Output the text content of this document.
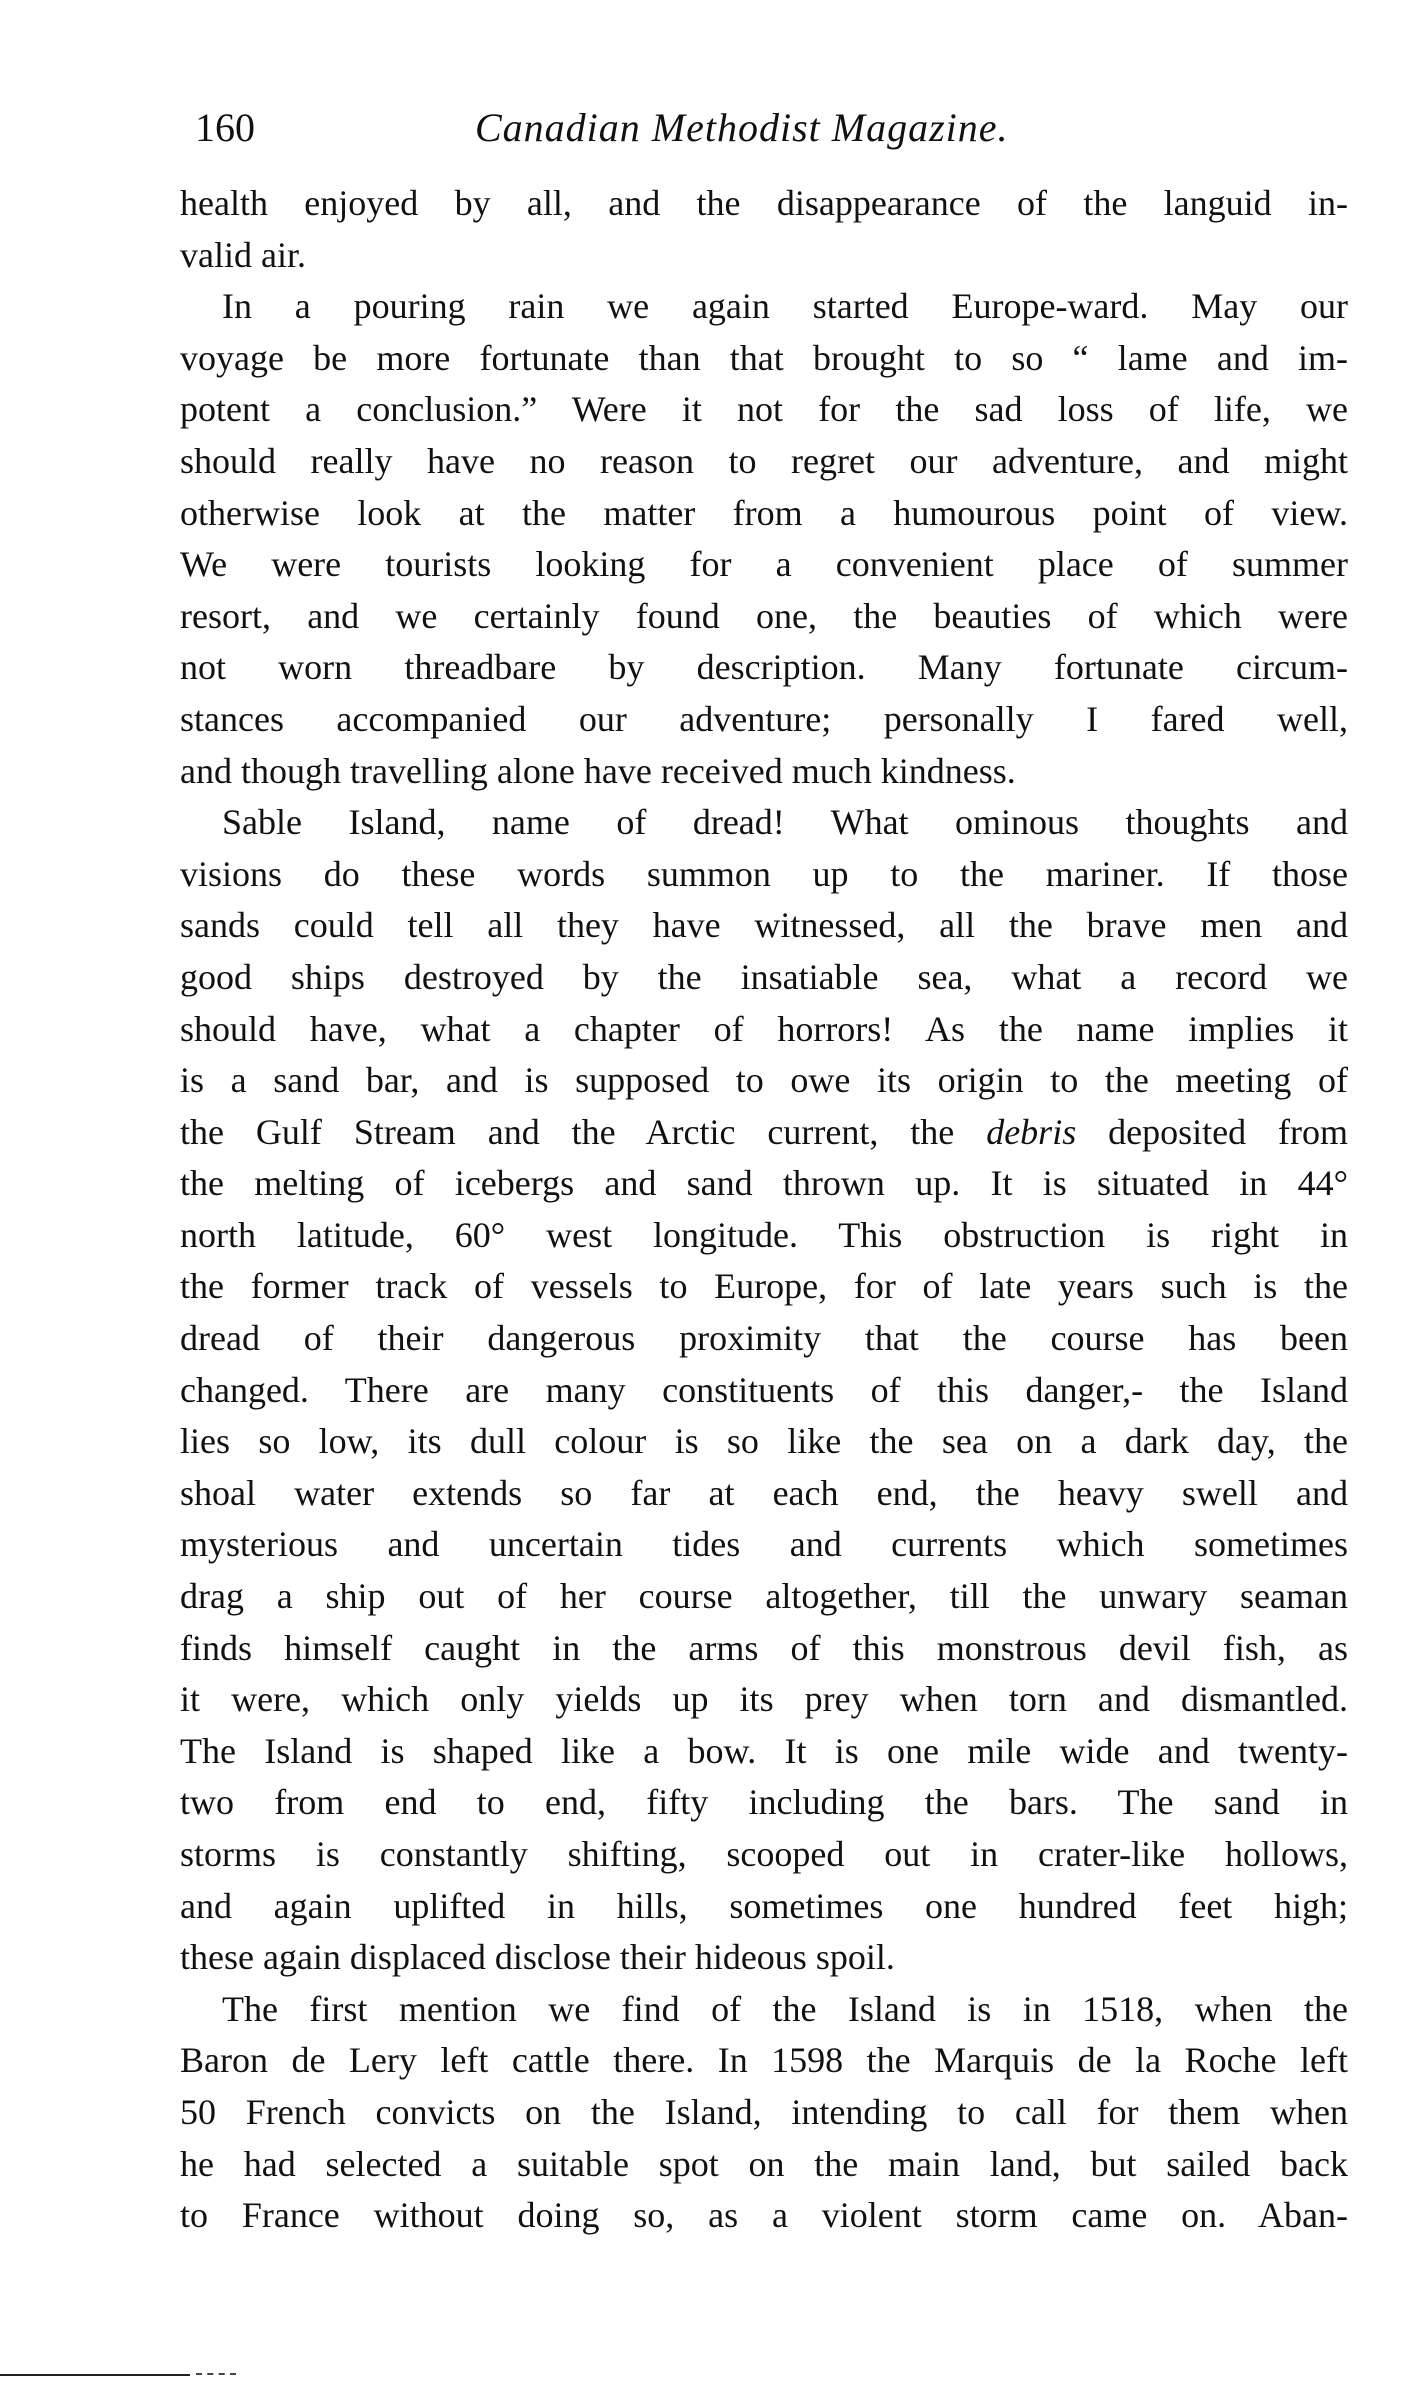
160	Canadian Methodist Magazine.

health enjoyed by all, and the disappearance of the languid in-
valid air.

In a pouring rain we again started Europe-ward. May our
voyage be more fortunate than that brought to so “ lame and im-
potent a conclusion.” Were it not for the sad loss of life, we
should really have no reason to regret our adventure, and might
otherwise look at the matter from a humourous point of view.
We were tourists looking for a convenient place of summer
resort, and we certainly found one, the beauties of which were
not worn threadbare by description. Many fortunate circum-
stances accompanied our adventure; personally I fared well,
and though travelling alone have received much kindness.

Sable Island, name of dread! What ominous thoughts and
visions do these words summon up to the mariner. If those
sands could tell all they have witnessed, all the brave men and
good ships destroyed by the insatiable sea, what a record we
should have, what a chapter of horrors! As the name implies it
is a sand bar, and is supposed to owe its origin to the meeting of
the Gulf Stream and the Arctic current, the debris deposited from
the melting of icebergs and sand thrown up. It is situated in 44°
north latitude, 60° west longitude. This obstruction is right in
the former track of vessels to Europe, for of late years such is the
dread of their dangerous proximity that the course has been
changed. There are many constituents of this danger,- the Island
lies so low, its dull colour is so like the sea on a dark day, the
shoal water extends so far at each end, the heavy swell and
mysterious and uncertain tides and currents which sometimes
drag a ship out of her course altogether, till the unwary seaman
finds himself caught in the arms of this monstrous devil fish, as
it were, which only yields up its prey when torn and dismantled.
The Island is shaped like a bow. It is one mile wide and twenty-
two from end to end, fifty including the bars. The sand in
storms is constantly shifting, scooped out in crater-like hollows,
and again uplifted in hills, sometimes one hundred feet high;
these again displaced disclose their hideous spoil.

The first mention we find of the Island is in 1518, when the
Baron de Lery left cattle there. In 1598 the Marquis de la Roche left
50 French convicts on the Island, intending to call for them when
he had selected a suitable spot on the main land, but sailed back
to France without doing so, as a violent storm came on. Aban-
